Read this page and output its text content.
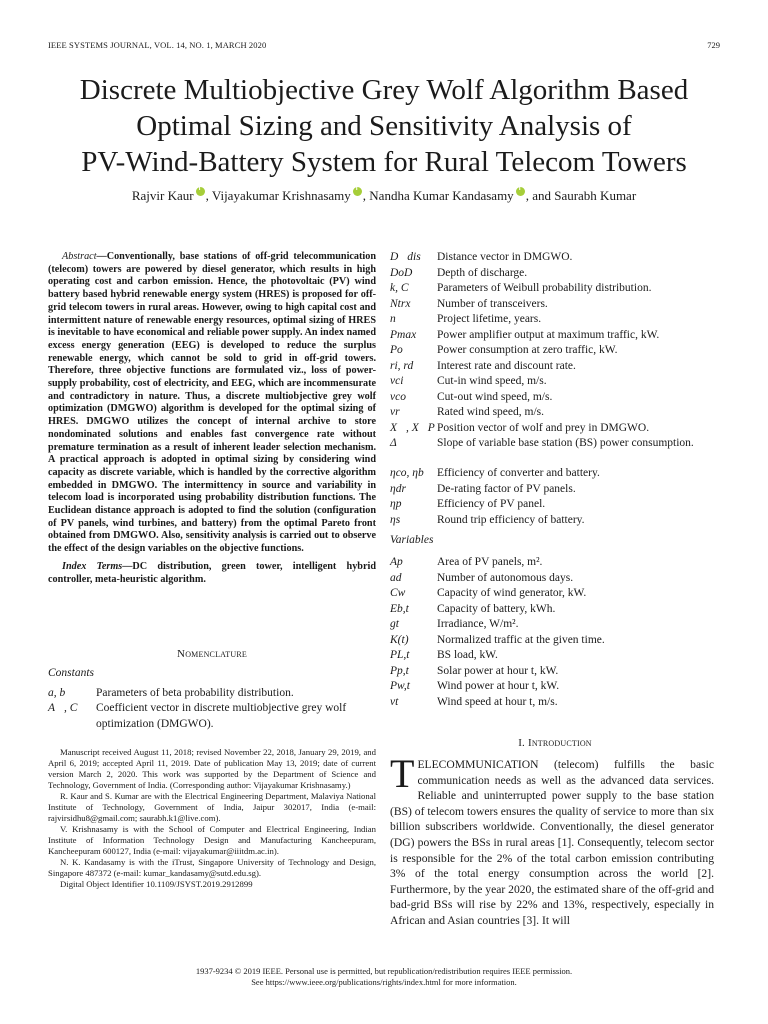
IEEE SYSTEMS JOURNAL, VOL. 14, NO. 1, MARCH 2020	729
Discrete Multiobjective Grey Wolf Algorithm Based
Optimal Sizing and Sensitivity Analysis of
PV-Wind-Battery System for Rural Telecom Towers
Rajvir Kaur i , Vijayakumar Krishnasamy i , Nandha Kumar Kandasamy i , and Saurabh Kumar
Abstract—Conventionally, base stations of off-grid telecommunication (telecom) towers are powered by diesel generator, which results in high operating cost and carbon emission. Hence, the photovoltaic (PV) wind battery based hybrid renewable energy system (HRES) is proposed for off-grid telecom towers in rural areas. However, owing to high capital cost and intermittent nature of renewable energy resources, optimal sizing of HRES is inevitable to have economical and reliable power supply. An index named excess energy generation (EEG) is developed to reduce the surplus renewable energy, which cannot be sold to grid in off-grid towers. Therefore, three objective functions are formulated viz., loss of power-supply probability, cost of electricity, and EEG, which are incommensurate and contradictory in nature. Thus, a discrete multiobjective grey wolf optimization (DMGWO) algorithm is developed for the optimal sizing of HRES. DMGWO utilizes the concept of internal archive to store nondominated solutions and enables fast convergence rate without premature termination as a result of inherent leader selection mechanism. A practical approach is adopted in optimal sizing by considering wind capacity as discrete variable, which is handled by the corrective algorithm embedded in DMGWO. The intermittency in source and variability in telecom load is incorporated using probability distribution functions. The Euclidean distance approach is adopted to find the solution (configuration of PV panels, wind turbines, and battery) from the optimal Pareto front obtained from DMGWO. Also, sensitivity analysis is carried out to observe the effect of the design variables on the objective functions.
Index Terms—DC distribution, green tower, intelligent hybrid controller, meta-heuristic algorithm.
Nomenclature
Constants
a, b	Parameters of beta probability distribution.
A⃗, C⃗ Coefficient vector in discrete multiobjective grey wolf optimization (DMGWO).

Manuscript received August 11, 2018; revised November 22, 2018, January 29, 2019, and April 6, 2019; accepted April 11, 2019. Date of publication May 13, 2019; date of current version March 2, 2020. This work was supported by the Department of Science and Technology, Government of India. (Corresponding author: Vijayakumar Krishnasamy.)

R. Kaur and S. Kumar are with the Electrical Engineering Department, Malaviya National Institute of Technology, Government of India, Jaipur 302017, India (e-mail: rajvirsidhu8@gmail.com; saurabh.k1@live.com).

V. Krishnasamy is with the School of Computer and Electrical Engineering, Indian Institute of Information Technology Design and Manufacturing Kancheepuram, Kancheepuram 600127, India (e-mail: vijayakumar@iiitdm.ac.in).

N. K. Kandasamy is with the iTrust, Singapore University of Technology and Design, Singapore 487372 (e-mail: kumar_kandasamy@sutd.edu.sg).

Digital Object Identifier 10.1109/JSYST.2019.2912899

D⃗dis Distance vector in DMGWO.
DoD Depth of discharge.
k, C Parameters of Weibull probability distribution.
Ntrx Number of transceivers.
n	Project lifetime, years.
Pmax Power amplifier output at maximum traffic, kW.
Po	Power consumption at zero traffic, kW.
ri, rd Interest rate and discount rate.
vci	Cut-in wind speed, m/s.
vco	Cut-out wind speed, m/s.
vr	Rated wind speed, m/s.
X⃗, X⃗P Position vector of wolf and prey in DMGWO.
Δ	Slope of variable base station (BS) power consumption.
ηco, ηb Efficiency of converter and battery.
ηdr	De-rating factor of PV panels.
ηp	Efficiency of PV panel.
ηs	Round trip efficiency of battery.
Variables
Ap	Area of PV panels, m².
ad	Number of autonomous days.
Cw	Capacity of wind generator, kW.
Eb,t Capacity of battery, kWh.
gt	Irradiance, W/m².
K(t) Normalized traffic at the given time.
PL,t BS load, kW.
Pp,t Solar power at hour t, kW.
Pw,t Wind power at hour t, kW.
vt	Wind speed at hour t, m/s.
I. Introduction
TELECOMMUNICATION (telecom) fulfills the basic communication needs as well as the advanced data services. Reliable and uninterrupted power supply to the base station (BS) of telecom towers ensures the quality of service to more than six billion subscribers worldwide. Conventionally, the diesel generator (DG) powers the BSs in rural areas [1]. Consequently, telecom sector is responsible for the 2% of the total carbon emission contributing 3% of the total energy consumption across the world [2]. Furthermore, by the year 2020, the estimated share of the off-grid and bad-grid BSs will rise by 22% and 13%, respectively, especially in African and Asian countries [3]. It will
1937-9234 © 2019 IEEE. Personal use is permitted, but republication/redistribution requires IEEE permission.
See https://www.ieee.org/publications/rights/index.html for more information.
